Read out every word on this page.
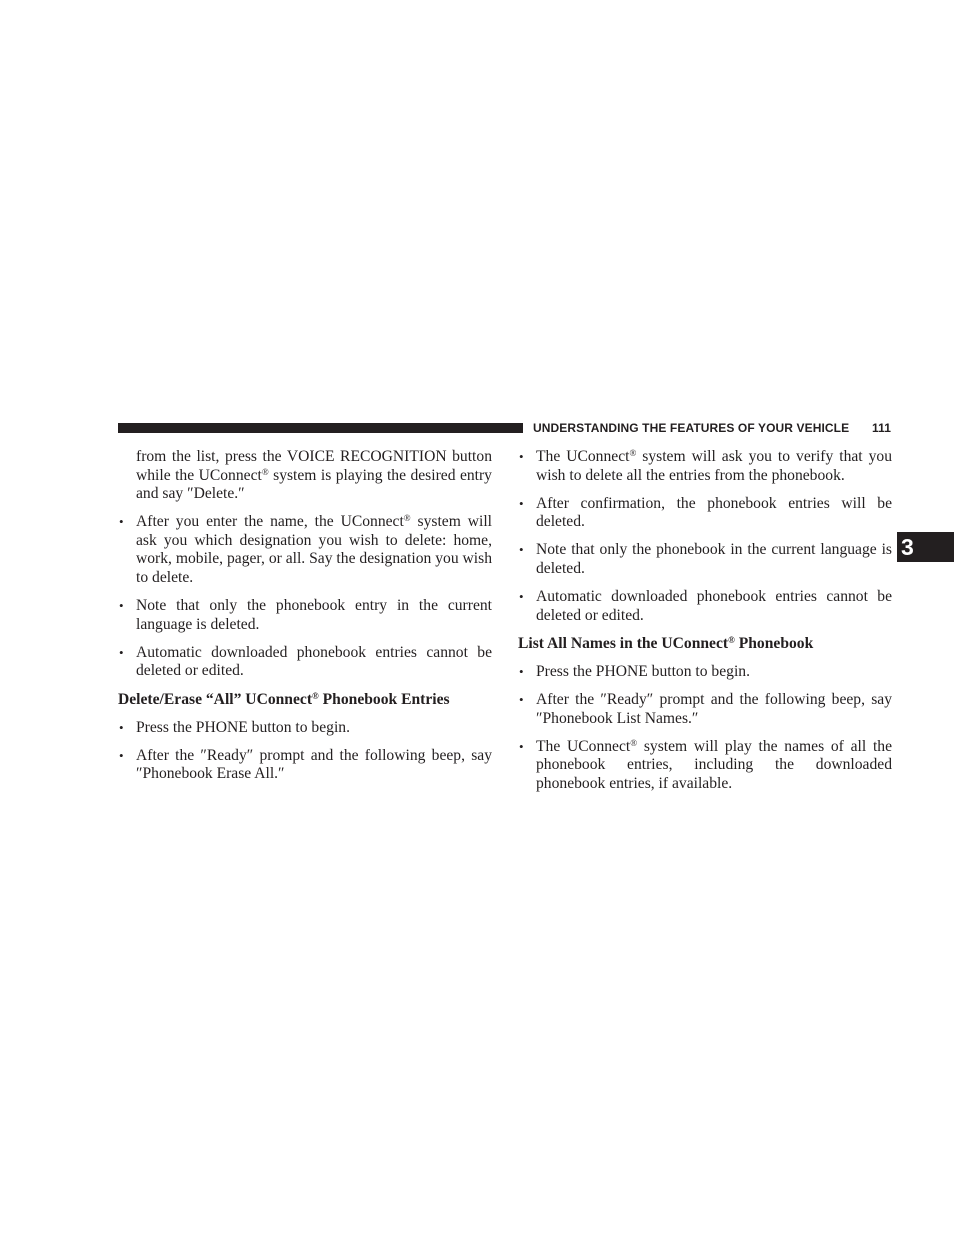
UNDERSTANDING THE FEATURES OF YOUR VEHICLE 111
3

from the list, press the VOICE RECOGNITION button while the UConnect® system is playing the desired entry and say ″Delete.″

• After you enter the name, the UConnect® system will ask you which designation you wish to delete: home, work, mobile, pager, or all. Say the designation you wish to delete.

• Note that only the phonebook entry in the current language is deleted.

• Automatic downloaded phonebook entries cannot be deleted or edited.

Delete/Erase “All” UConnect® Phonebook Entries

• Press the PHONE button to begin.

• After the ″Ready″ prompt and the following beep, say ″Phonebook Erase All.″

• The UConnect® system will ask you to verify that you wish to delete all the entries from the phonebook.

• After confirmation, the phonebook entries will be deleted.

• Note that only the phonebook in the current language is deleted.

• Automatic downloaded phonebook entries cannot be deleted or edited.

List All Names in the UConnect® Phonebook

• Press the PHONE button to begin.

• After the ″Ready″ prompt and the following beep, say ″Phonebook List Names.″

• The UConnect® system will play the names of all the phonebook entries, including the downloaded phonebook entries, if available.
